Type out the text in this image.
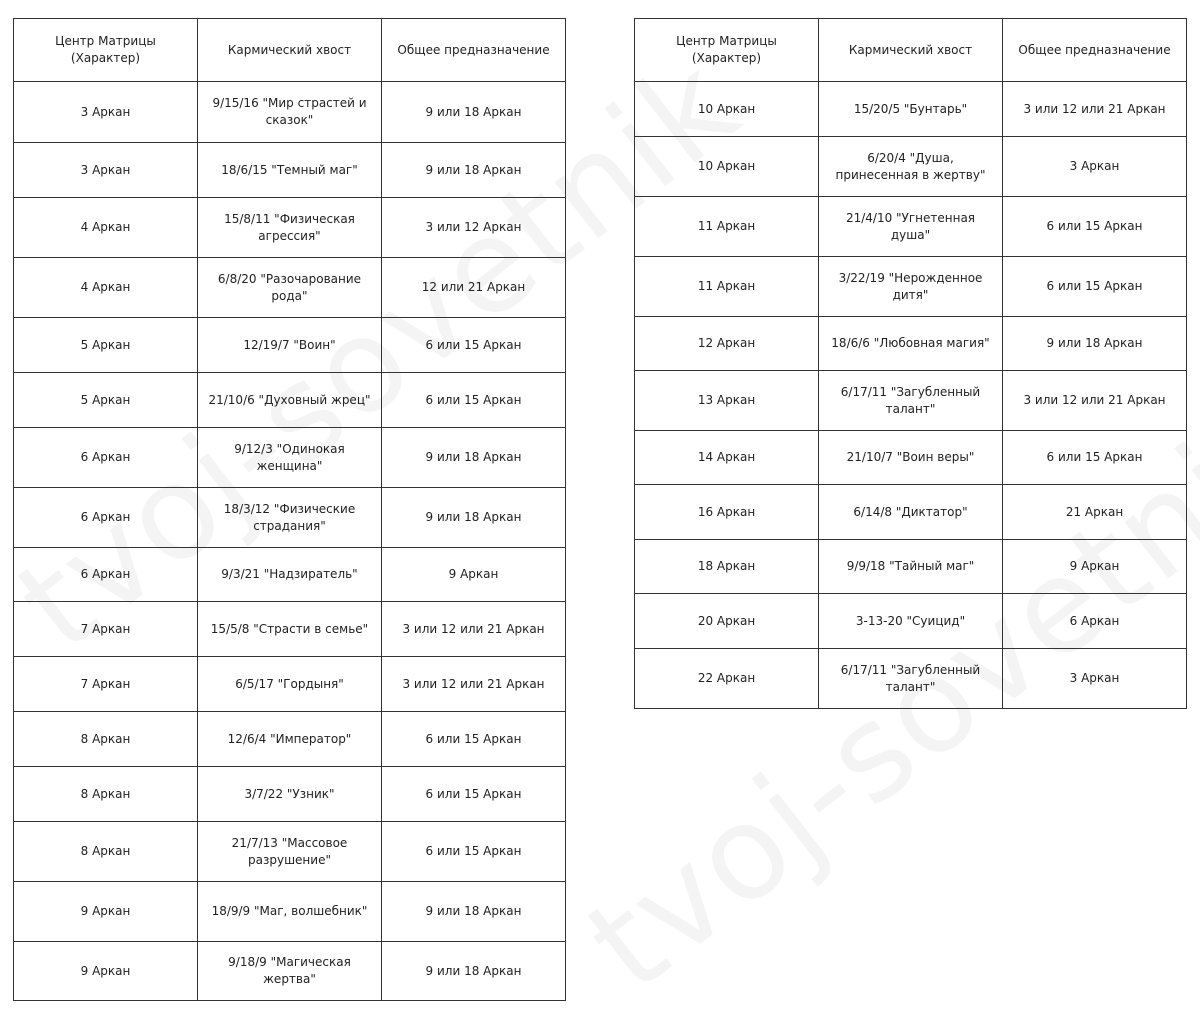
Центр Матрицы (Характер)	Кармический хвост	Общее предназначение
3 Аркан	9/15/16 "Мир страстей и сказок"	9 или 18 Аркан
3 Аркан	18/6/15 "Темный маг"	9 или 18 Аркан
4 Аркан	15/8/11 "Физическая агрессия"	3 или 12 Аркан
4 Аркан	6/8/20 "Разочарование рода"	12 или 21 Аркан
5 Аркан	12/19/7 "Воин"	6 или 15 Аркан
5 Аркан	21/10/6 "Духовный жрец"	6 или 15 Аркан
6 Аркан	9/12/3 "Одинокая женщина"	9 или 18 Аркан
6 Аркан	18/3/12 "Физические страдания"	9 или 18 Аркан
6 Аркан	9/3/21 "Надзиратель"	9 Аркан
7 Аркан	15/5/8 "Страсти в семье"	3 или 12 или 21 Аркан
7 Аркан	6/5/17 "Гордыня"	3 или 12 или 21 Аркан
8 Аркан	12/6/4 "Император"	6 или 15 Аркан
8 Аркан	3/7/22 "Узник"	6 или 15 Аркан
8 Аркан	21/7/13 "Массовое разрушение"	6 или 15 Аркан
9 Аркан	18/9/9 "Маг, волшебник"	9 или 18 Аркан
9 Аркан	9/18/9 "Магическая жертва"	9 или 18 Аркан
Центр Матрицы (Характер)	Кармический хвост	Общее предназначение
10 Аркан	15/20/5 "Бунтарь"	3 или 12 или 21 Аркан
10 Аркан	6/20/4 "Душа, принесенная в жертву"	3 Аркан
11 Аркан	21/4/10 "Угнетенная душа"	6 или 15 Аркан
11 Аркан	3/22/19 "Нерожденное дитя"	6 или 15 Аркан
12 Аркан	18/6/6 "Любовная магия"	9 или 18 Аркан
13 Аркан	6/17/11 "Загубленный талант"	3 или 12 или 21 Аркан
14 Аркан	21/10/7 "Воин веры"	6 или 15 Аркан
16 Аркан	6/14/8 "Диктатор"	21 Аркан
18 Аркан	9/9/18 "Тайный маг"	9 Аркан
20 Аркан	3-13-20 "Суицид"	6 Аркан
22 Аркан	6/17/11 "Загубленный талант"	3 Аркан
